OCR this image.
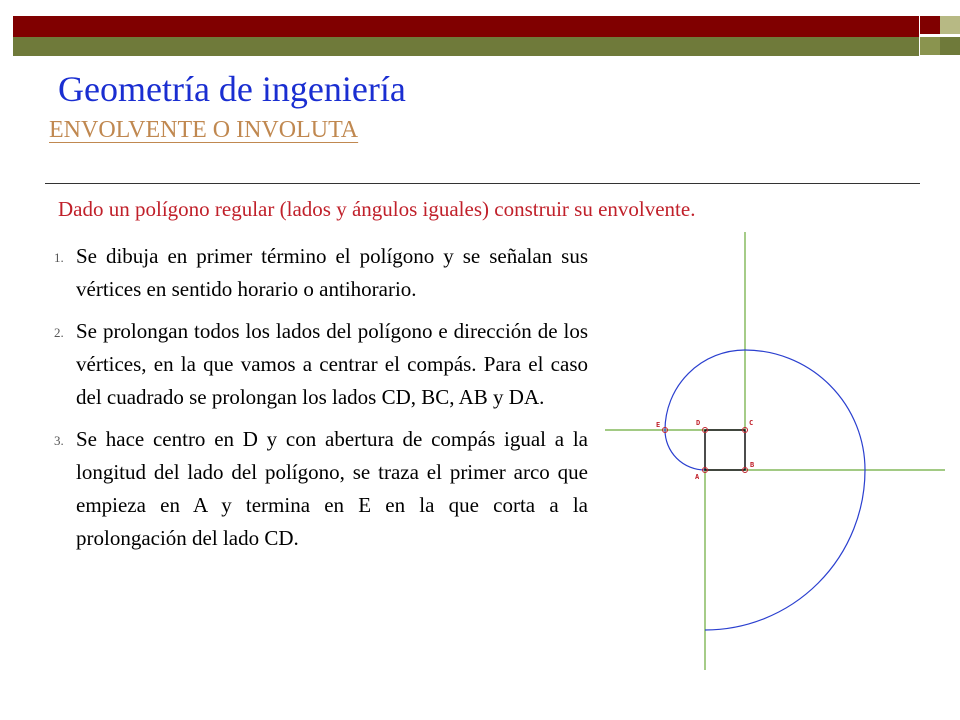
Geometría de ingeniería
ENVOLVENTE O INVOLUTA
Dado un polígono regular (lados y ángulos iguales) construir su envolvente.
1. Se dibuja en primer término el polígono y se señalan sus vértices en sentido horario o antihorario.
2. Se prolongan todos los lados del polígono e dirección de los vértices, en la que vamos a centrar el compás. Para el caso del cuadrado se prolongan los lados CD, BC, AB y DA.
3. Se hace centro en D y con abertura de compás igual a la longitud del lado del polígono, se traza el primer arco que empieza en A y termina en E en la que corta a la prolongación del lado CD.
A
B
C
D
E
